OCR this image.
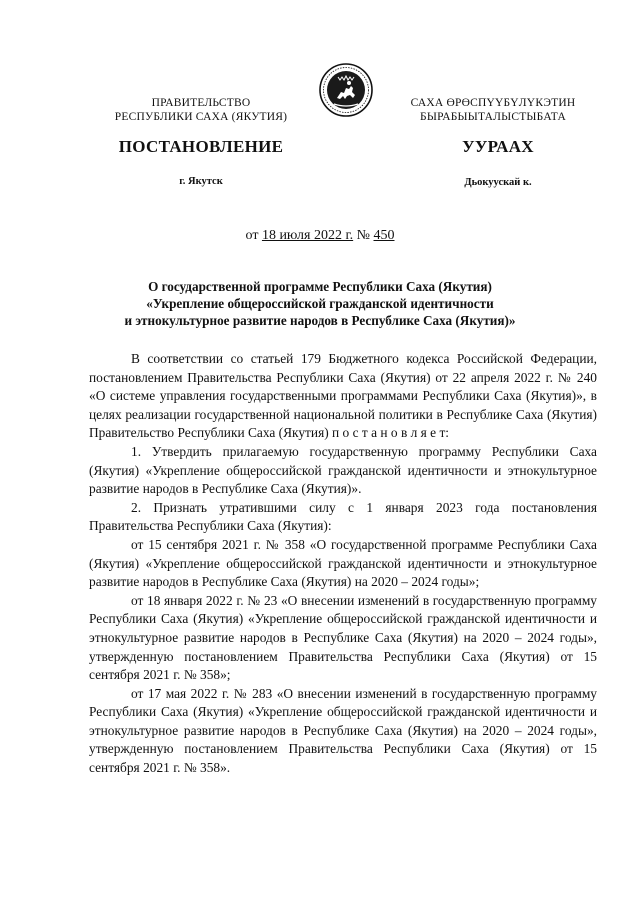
ПРАВИТЕЛЬСТВО
РЕСПУБЛИКИ САХА (ЯКУТИЯ)
САХА ӨРӨСПҮҮБҮЛҮКЭТИН
БЫРАБЫЫТАЛЫСТЫБАТА
ПОСТАНОВЛЕНИЕ	УУРААХ
г. Якутск	Дьокуускай к.
от 18 июля 2022 г. № 450
О государственной программе Республики Саха (Якутия)
«Укрепление общероссийской гражданской идентичности
и этнокультурное развитие народов в Республике Саха (Якутия)»

В соответствии со статьей 179 Бюджетного кодекса Российской Федерации, постановлением Правительства Республики Саха (Якутия) от 22 апреля 2022 г. № 240 «О системе управления государственными программами Республики Саха (Якутия)», в целях реализации государственной национальной политики в Республике Саха (Якутия) Правительство Республики Саха (Якутия) п о с т а н о в л я е т:

1. Утвердить прилагаемую государственную программу Республики Саха (Якутия) «Укрепление общероссийской гражданской идентичности и этнокультурное развитие народов в Республике Саха (Якутия)».

2. Признать утратившими силу с 1 января 2023 года постановления Правительства Республики Саха (Якутия):

от 15 сентября 2021 г. № 358 «О государственной программе Республики Саха (Якутия) «Укрепление общероссийской гражданской идентичности и этнокультурное развитие народов в Республике Саха (Якутия) на 2020 – 2024 годы»;

от 18 января 2022 г. № 23 «О внесении изменений в государственную программу Республики Саха (Якутия) «Укрепление общероссийской гражданской идентичности и этнокультурное развитие народов в Республике Саха (Якутия) на 2020 – 2024 годы», утвержденную постановлением Правительства Республики Саха (Якутия) от 15 сентября 2021 г. № 358»;

от 17 мая 2022 г. № 283 «О внесении изменений в государственную программу Республики Саха (Якутия) «Укрепление общероссийской гражданской идентичности и этнокультурное развитие народов в Республике Саха (Якутия) на 2020 – 2024 годы», утвержденную постановлением Правительства Республики Саха (Якутия) от 15 сентября 2021 г. № 358».
